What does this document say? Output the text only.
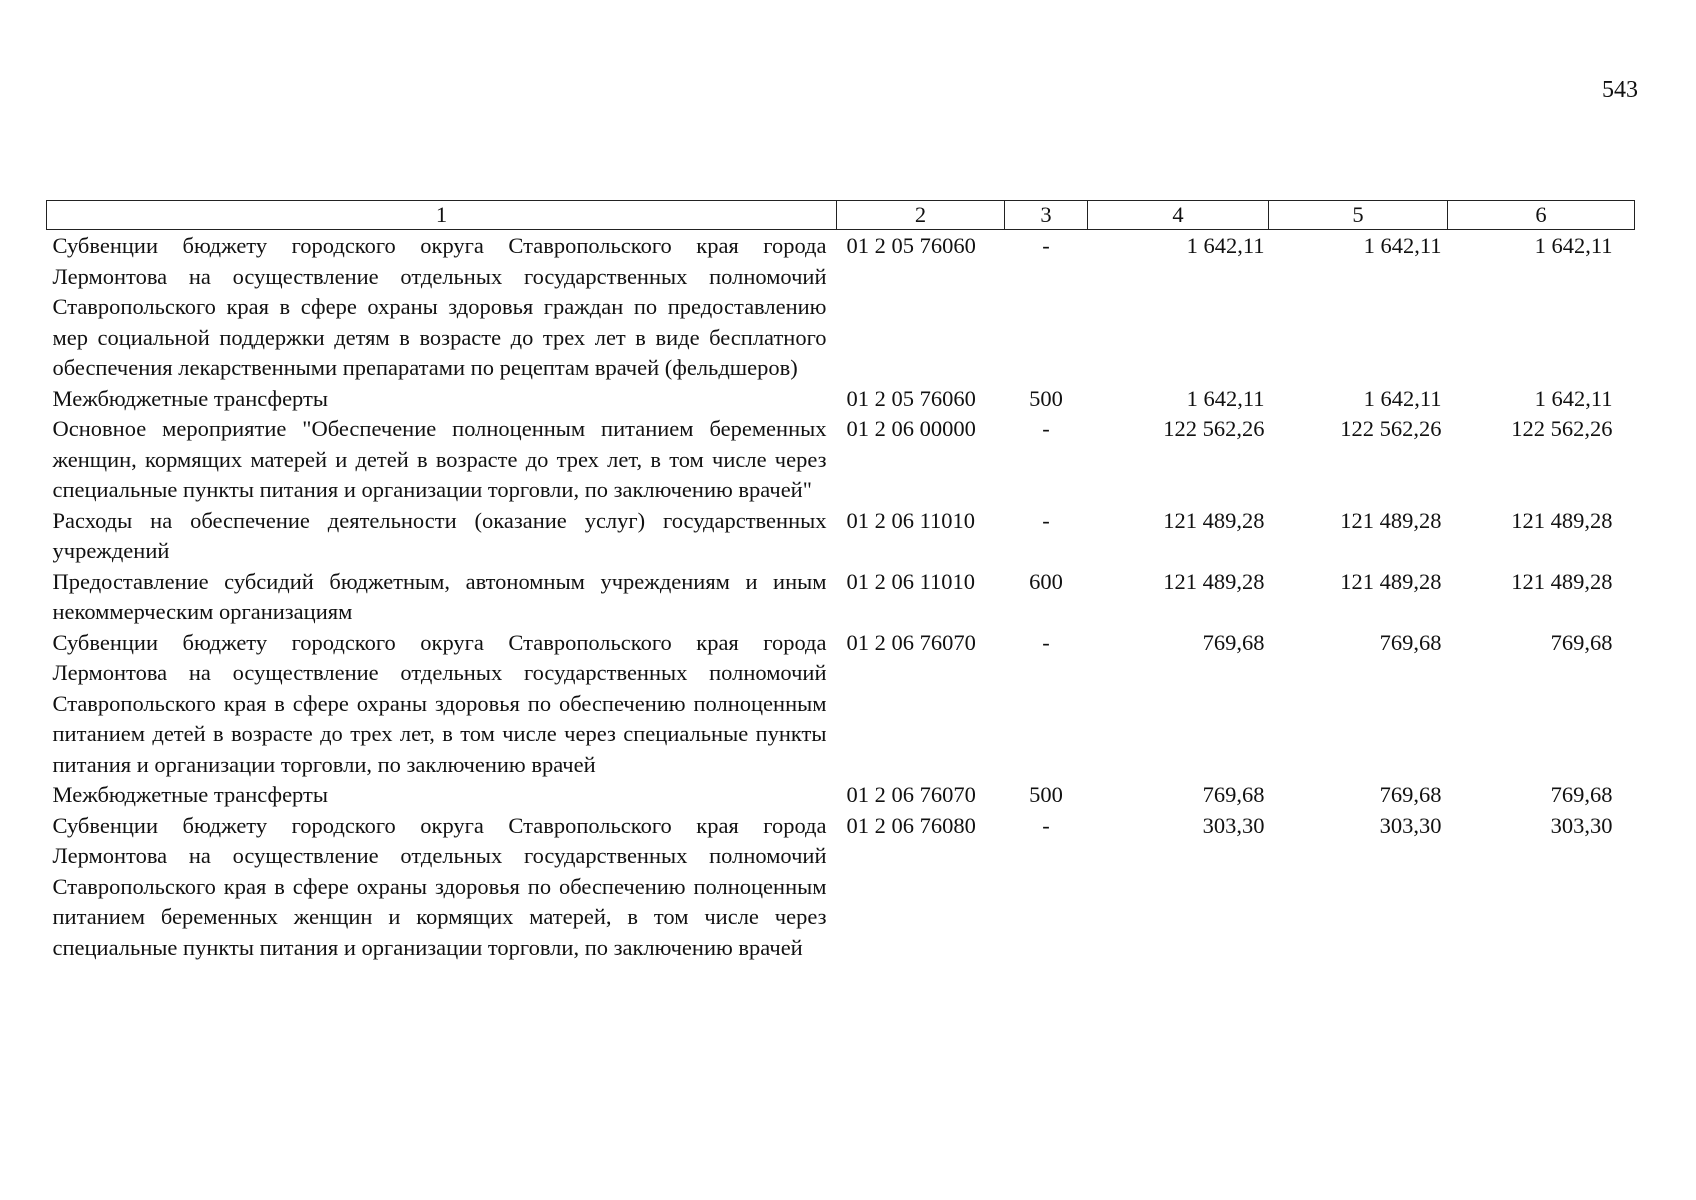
543
1	2	3	4	5	6
Субвенции бюджету городского округа Ставропольского края города Лермонтова на осуществление отдельных государственных полномочий Ставропольского края в сфере охраны здоровья граждан по предоставлению мер социальной поддержки детям в возрасте до трех лет в виде бесплатного обеспечения лекарственными препаратами по рецептам врачей (фельдшеров)	01 2 05 76060	-	1 642,11	1 642,11	1 642,11
Межбюджетные трансферты	01 2 05 76060	500	1 642,11	1 642,11	1 642,11
Основное мероприятие "Обеспечение полноценным питанием беременных женщин, кормящих матерей и детей в возрасте до трех лет, в том числе через специальные пункты питания и организации торговли, по заключению врачей"	01 2 06 00000	-	122 562,26	122 562,26	122 562,26
Расходы на обеспечение деятельности (оказание услуг) государственных учреждений	01 2 06 11010	-	121 489,28	121 489,28	121 489,28
Предоставление субсидий бюджетным, автономным учреждениям и иным некоммерческим организациям	01 2 06 11010	600	121 489,28	121 489,28	121 489,28
Субвенции бюджету городского округа Ставропольского края города Лермонтова на осуществление отдельных государственных полномочий Ставропольского края в сфере охраны здоровья по обеспечению полноценным питанием детей в возрасте до трех лет, в том числе через специальные пункты питания и организации торговли, по заключению врачей	01 2 06 76070	-	769,68	769,68	769,68
Межбюджетные трансферты	01 2 06 76070	500	769,68	769,68	769,68
Субвенции бюджету городского округа Ставропольского края города Лермонтова на осуществление отдельных государственных полномочий Ставропольского края в сфере охраны здоровья по обеспечению полноценным питанием беременных женщин и кормящих матерей, в том числе через специальные пункты питания и организации торговли, по заключению врачей	01 2 06 76080	-	303,30	303,30	303,30
